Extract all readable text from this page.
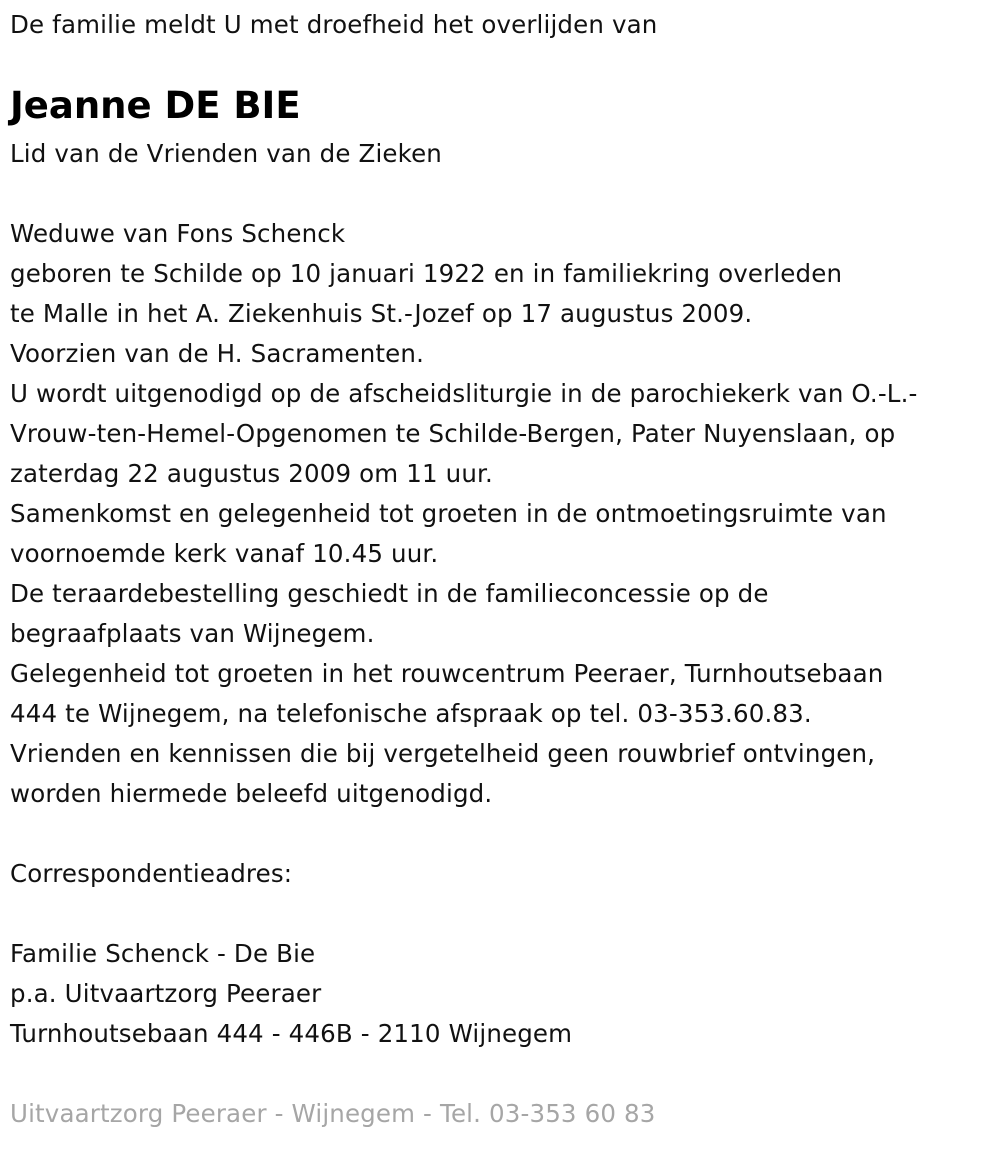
De familie meldt U met droefheid het overlijden van
Jeanne DE BIE
Lid van de Vrienden van de Zieken
Weduwe van Fons Schenck
geboren te Schilde op 10 januari 1922 en in familiekring overleden
te Malle in het A. Ziekenhuis St.-Jozef op 17 augustus 2009.
Voorzien van de H. Sacramenten.
U wordt uitgenodigd op de afscheidsliturgie in de parochiekerk van O.-L.-
Vrouw-ten-Hemel-Opgenomen te Schilde-Bergen, Pater Nuyenslaan, op
zaterdag 22 augustus 2009 om 11 uur.
Samenkomst en gelegenheid tot groeten in de ontmoetingsruimte van
voornoemde kerk vanaf 10.45 uur.
De teraardebestelling geschiedt in de familieconcessie op de
begraafplaats van Wijnegem.
Gelegenheid tot groeten in het rouwcentrum Peeraer, Turnhoutsebaan
444 te Wijnegem, na telefonische afspraak op tel. 03-353.60.83.
Vrienden en kennissen die bij vergetelheid geen rouwbrief ontvingen,
worden hiermede beleefd uitgenodigd.
Correspondentieadres:
Familie Schenck - De Bie
p.a. Uitvaartzorg Peeraer
Turnhoutsebaan 444 - 446B - 2110 Wijnegem
Uitvaartzorg Peeraer - Wijnegem - Tel. 03-353 60 83
